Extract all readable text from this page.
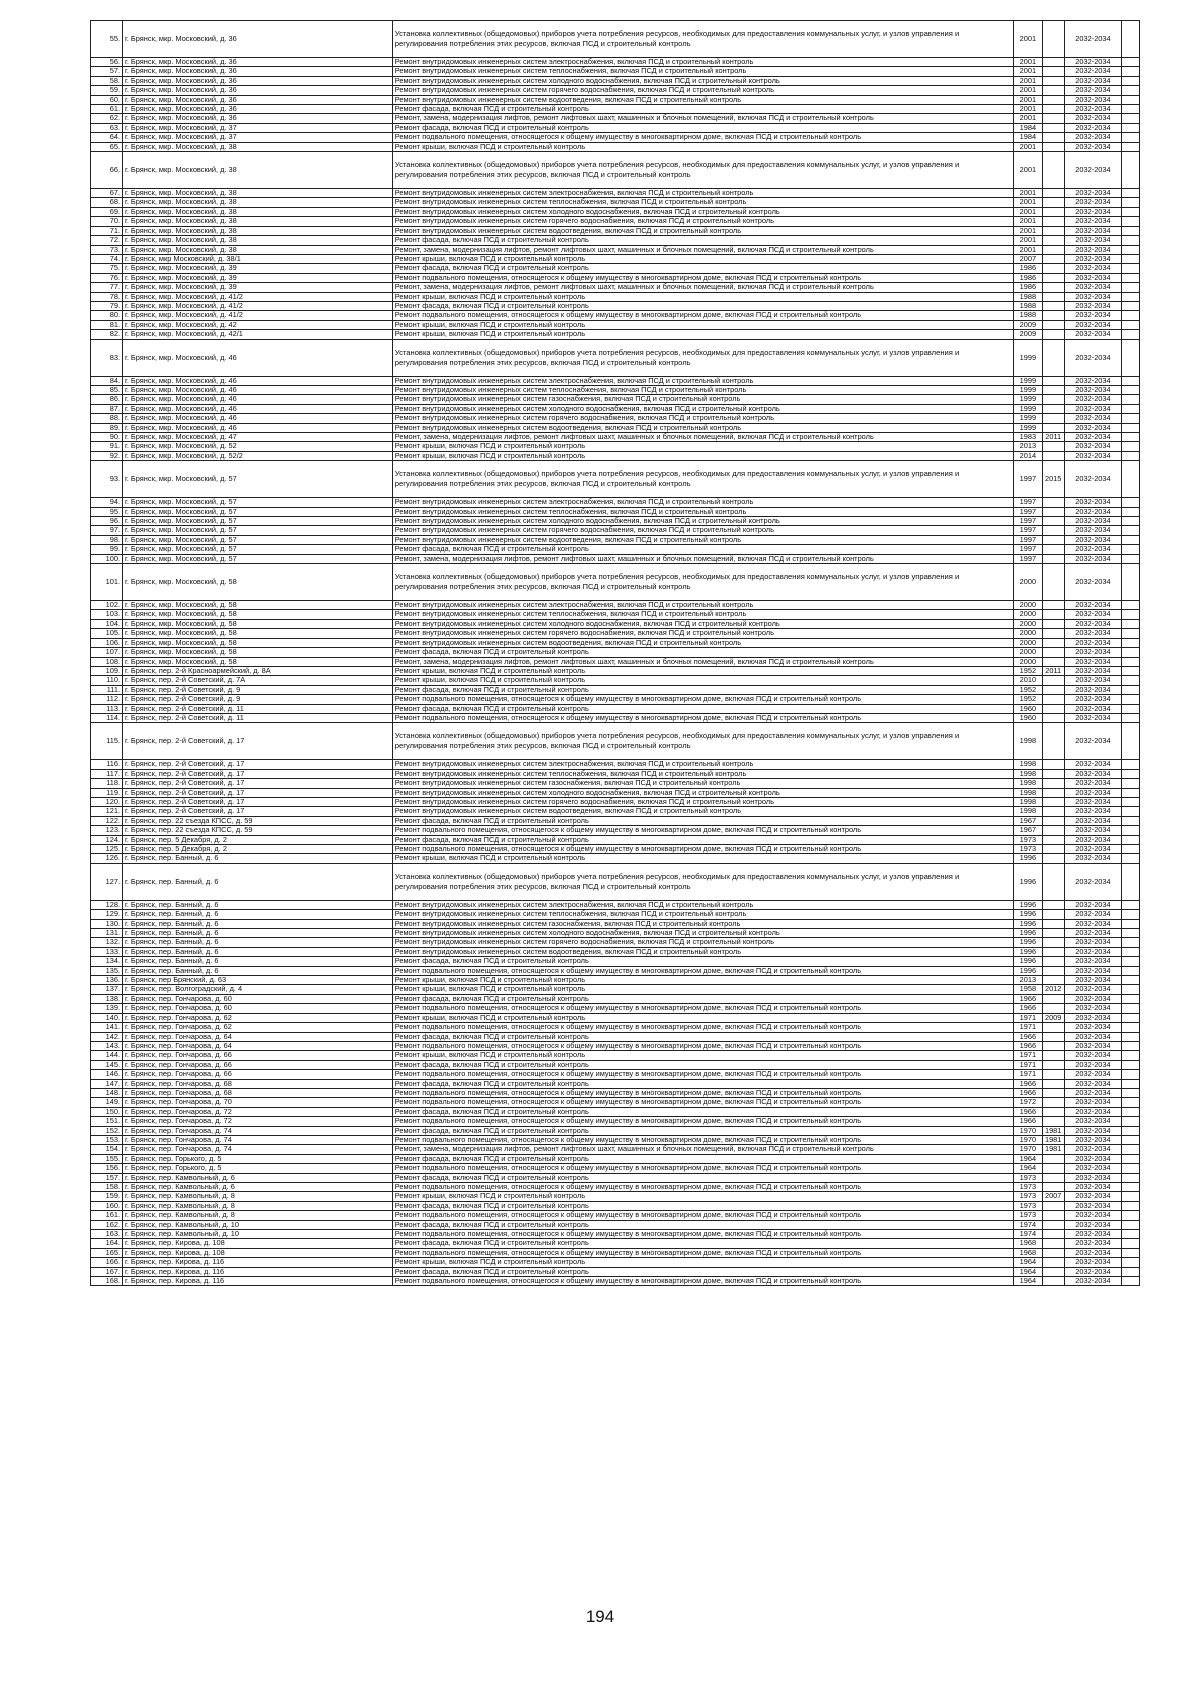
55.	г. Брянск, мкр. Московский, д. 36	Установка коллективных (общедомовых) приборов учета потребления ресурсов, необходимых для предоставления коммунальных услуг, и узлов управления и регулирования потребления этих ресурсов, включая ПСД и строительный контроль	2001		2032-2034	
56.	г. Брянск, мкр. Московский, д. 36	Ремонт внутридомовых инженерных систем электроснабжения, включая ПСД и строительный контроль	2001		2032-2034	
57.	г. Брянск, мкр. Московский, д. 36	Ремонт внутридомовых инженерных систем теплоснабжения, включая ПСД и строительный контроль	2001		2032-2034	
58.	г. Брянск, мкр. Московский, д. 36	Ремонт внутридомовых инженерных систем холодного водоснабжения, включая ПСД и строительный контроль	2001		2032-2034	
59.	г. Брянск, мкр. Московский, д. 36	Ремонт внутридомовых инженерных систем горячего водоснабжения, включая ПСД и строительный контроль	2001		2032-2034	
60.	г. Брянск, мкр. Московский, д. 36	Ремонт внутридомовых инженерных систем водоотведения, включая ПСД и строительный контроль	2001		2032-2034	
61.	г. Брянск, мкр. Московский, д. 36	Ремонт фасада, включая ПСД и строительный контроль	2001		2032-2034	
62.	г. Брянск, мкр. Московский, д. 36	Ремонт, замена, модернизация лифтов, ремонт лифтовых шахт, машинных и блочных помещений, включая ПСД и строительный контроль	2001		2032-2034	
63.	г. Брянск, мкр. Московский, д. 37	Ремонт фасада, включая ПСД и строительный контроль	1984		2032-2034	
64.	г. Брянск, мкр. Московский, д. 37	Ремонт подвального помещения, относящегося к общему имуществу в многоквартирном доме, включая ПСД и строительный контроль	1984		2032-2034	
65.	г. Брянск, мкр. Московский, д. 38	Ремонт крыши, включая ПСД и строительный контроль	2001		2032-2034	
66.	г. Брянск, мкр. Московский, д. 38	Установка коллективных (общедомовых) приборов учета потребления ресурсов, необходимых для предоставления коммунальных услуг, и узлов управления и регулирования потребления этих ресурсов, включая ПСД и строительный контроль	2001		2032-2034	
67.	г. Брянск, мкр. Московский, д. 38	Ремонт внутридомовых инженерных систем электроснабжения, включая ПСД и строительный контроль	2001		2032-2034	
68.	г. Брянск, мкр. Московский, д. 38	Ремонт внутридомовых инженерных систем теплоснабжения, включая ПСД и строительный контроль	2001		2032-2034	
69.	г. Брянск, мкр. Московский, д. 38	Ремонт внутридомовых инженерных систем холодного водоснабжения, включая ПСД и строительный контроль	2001		2032-2034	
70.	г. Брянск, мкр. Московский, д. 38	Ремонт внутридомовых инженерных систем горячего водоснабжения, включая ПСД и строительный контроль	2001		2032-2034	
71.	г. Брянск, мкр. Московский, д. 38	Ремонт внутридомовых инженерных систем водоотведения, включая ПСД и строительный контроль	2001		2032-2034	
72.	г. Брянск, мкр. Московский, д. 38	Ремонт фасада, включая ПСД и строительный контроль	2001		2032-2034	
73.	г. Брянск, мкр. Московский, д. 38	Ремонт, замена, модернизация лифтов, ремонт лифтовых шахт, машинных и блочных помещений, включая ПСД и строительный контроль	2001		2032-2034	
74.	г. Брянск, мкр Московский, д. 38/1	Ремонт крыши, включая ПСД и строительный контроль	2007		2032-2034	
75.	г. Брянск, мкр. Московский, д. 39	Ремонт фасада, включая ПСД и строительный контроль	1986		2032-2034	
76.	г. Брянск, мкр. Московский, д. 39	Ремонт подвального помещения, относящегося к общему имуществу в многоквартирном доме, включая ПСД и строительный контроль	1986		2032-2034	
77.	г. Брянск, мкр. Московский, д. 39	Ремонт, замена, модернизация лифтов, ремонт лифтовых шахт, машинных и блочных помещений, включая ПСД и строительный контроль	1986		2032-2034	
78.	г. Брянск, мкр. Московский, д. 41/2	Ремонт крыши, включая ПСД и строительный контроль	1988		2032-2034	
79.	г. Брянск, мкр. Московский, д. 41/2	Ремонт фасада, включая ПСД и строительный контроль	1988		2032-2034	
80.	г. Брянск, мкр. Московский, д. 41/2	Ремонт подвального помещения, относящегося к общему имуществу в многоквартирном доме, включая ПСД и строительный контроль	1988		2032-2034	
81.	г. Брянск, мкр. Московский, д. 42	Ремонт крыши, включая ПСД и строительный контроль	2009		2032-2034	
82.	г. Брянск, мкр. Московский, д. 42/1	Ремонт крыши, включая ПСД и строительный контроль	2009		2032-2034	
83.	г. Брянск, мкр. Московский, д. 46	Установка коллективных (общедомовых) приборов учета потребления ресурсов, необходимых для предоставления коммунальных услуг, и узлов управления и регулирования потребления этих ресурсов, включая ПСД и строительный контроль	1999		2032-2034	
84.	г. Брянск, мкр. Московский, д. 46	Ремонт внутридомовых инженерных систем электроснабжения, включая ПСД и строительный контроль	1999		2032-2034	
85.	г. Брянск, мкр. Московский, д. 46	Ремонт внутридомовых инженерных систем теплоснабжения, включая ПСД и строительный контроль	1999		2032-2034	
86.	г. Брянск, мкр. Московский, д. 46	Ремонт внутридомовых инженерных систем газоснабжения, включая ПСД и строительный контроль	1999		2032-2034	
87.	г. Брянск, мкр. Московский, д. 46	Ремонт внутридомовых инженерных систем холодного водоснабжения, включая ПСД и строительный контроль	1999		2032-2034	
88.	г. Брянск, мкр. Московский, д. 46	Ремонт внутридомовых инженерных систем горячего водоснабжения, включая ПСД и строительный контроль	1999		2032-2034	
89.	г. Брянск, мкр. Московский, д. 46	Ремонт внутридомовых инженерных систем водоотведения, включая ПСД и строительный контроль	1999		2032-2034	
90.	г. Брянск, мкр. Московский, д. 47	Ремонт, замена, модернизация лифтов, ремонт лифтовых шахт, машинных и блочных помещений, включая ПСД и строительный контроль	1983	2011	2032-2034	
91.	г. Брянск, мкр. Московский, д. 52	Ремонт крыши, включая ПСД и строительный контроль	2013		2032-2034	
92.	г. Брянск, мкр. Московский, д. 52/2	Ремонт крыши, включая ПСД и строительный контроль	2014		2032-2034	
93.	г. Брянск, мкр. Московский, д. 57	Установка коллективных (общедомовых) приборов учета потребления ресурсов, необходимых для предоставления коммунальных услуг, и узлов управления и регулирования потребления этих ресурсов, включая ПСД и строительный контроль	1997	2015	2032-2034	
94.	г. Брянск, мкр. Московский, д. 57	Ремонт внутридомовых инженерных систем электроснабжения, включая ПСД и строительный контроль	1997		2032-2034	
95.	г. Брянск, мкр. Московский, д. 57	Ремонт внутридомовых инженерных систем теплоснабжения, включая ПСД и строительный контроль	1997		2032-2034	
96.	г. Брянск, мкр. Московский, д. 57	Ремонт внутридомовых инженерных систем холодного водоснабжения, включая ПСД и строительный контроль	1997		2032-2034	
97.	г. Брянск, мкр. Московский, д. 57	Ремонт внутридомовых инженерных систем горячего водоснабжения, включая ПСД и строительный контроль	1997		2032-2034	
98.	г. Брянск, мкр. Московский, д. 57	Ремонт внутридомовых инженерных систем водоотведения, включая ПСД и строительный контроль	1997		2032-2034	
99.	г. Брянск, мкр. Московский, д. 57	Ремонт фасада, включая ПСД и строительный контроль	1997		2032-2034	
100.	г. Брянск, мкр. Московский, д. 57	Ремонт, замена, модернизация лифтов, ремонт лифтовых шахт, машинных и блочных помещений, включая ПСД и строительный контроль	1997		2032-2034	
101.	г. Брянск, мкр. Московский, д. 58	Установка коллективных (общедомовых) приборов учета потребления ресурсов, необходимых для предоставления коммунальных услуг, и узлов управления и регулирования потребления этих ресурсов, включая ПСД и строительный контроль	2000		2032-2034	
102.	г. Брянск, мкр. Московский, д. 58	Ремонт внутридомовых инженерных систем электроснабжения, включая ПСД и строительный контроль	2000		2032-2034	
103.	г. Брянск, мкр. Московский, д. 58	Ремонт внутридомовых инженерных систем теплоснабжения, включая ПСД и строительный контроль	2000		2032-2034	
104.	г. Брянск, мкр. Московский, д. 58	Ремонт внутридомовых инженерных систем холодного водоснабжения, включая ПСД и строительный контроль	2000		2032-2034	
105.	г. Брянск, мкр. Московский, д. 58	Ремонт внутридомовых инженерных систем горячего водоснабжения, включая ПСД и строительный контроль	2000		2032-2034	
106.	г. Брянск, мкр. Московский, д. 58	Ремонт внутридомовых инженерных систем водоотведения, включая ПСД и строительный контроль	2000		2032-2034	
107.	г. Брянск, мкр. Московский, д. 58	Ремонт фасада, включая ПСД и строительный контроль	2000		2032-2034	
108.	г. Брянск, мкр. Московский, д. 58	Ремонт, замена, модернизация лифтов, ремонт лифтовых шахт, машинных и блочных помещений, включая ПСД и строительный контроль	2000		2032-2034	
109.	г. Брянск, пер. 2-й Красноармейский, д. 8А	Ремонт крыши, включая ПСД и строительный контроль	1952	2011	2032-2034	
110.	г. Брянск, пер. 2-й Советский, д. 7А	Ремонт крыши, включая ПСД и строительный контроль	2010		2032-2034	
111.	г. Брянск, пер. 2-й Советский, д. 9	Ремонт фасада, включая ПСД и строительный контроль	1952		2032-2034	
112.	г. Брянск, пер. 2-й Советский, д. 9	Ремонт подвального помещения, относящегося к общему имуществу в многоквартирном доме, включая ПСД и строительный контроль	1952		2032-2034	
113.	г. Брянск, пер. 2-й Советский, д. 11	Ремонт фасада, включая ПСД и строительный контроль	1960		2032-2034	
114.	г. Брянск, пер. 2-й Советский, д. 11	Ремонт подвального помещения, относящегося к общему имуществу в многоквартирном доме, включая ПСД и строительный контроль	1960		2032-2034	
115.	г. Брянск, пер. 2-й Советский, д. 17	Установка коллективных (общедомовых) приборов учета потребления ресурсов, необходимых для предоставления коммунальных услуг, и узлов управления и регулирования потребления этих ресурсов, включая ПСД и строительный контроль	1998		2032-2034	
116.	г. Брянск, пер. 2-й Советский, д. 17	Ремонт внутридомовых инженерных систем электроснабжения, включая ПСД и строительный контроль	1998		2032-2034	
117.	г. Брянск, пер. 2-й Советский, д. 17	Ремонт внутридомовых инженерных систем теплоснабжения, включая ПСД и строительный контроль	1998		2032-2034	
118.	г. Брянск, пер. 2-й Советский, д. 17	Ремонт внутридомовых инженерных систем газоснабжения, включая ПСД и строительный контроль	1998		2032-2034	
119.	г. Брянск, пер. 2-й Советский, д. 17	Ремонт внутридомовых инженерных систем холодного водоснабжения, включая ПСД и строительный контроль	1998		2032-2034	
120.	г. Брянск, пер. 2-й Советский, д. 17	Ремонт внутридомовых инженерных систем горячего водоснабжения, включая ПСД и строительный контроль	1998		2032-2034	
121.	г. Брянск, пер. 2-й Советский, д. 17	Ремонт внутридомовых инженерных систем водоотведения, включая ПСД и строительный контроль	1998		2032-2034	
122.	г. Брянск, пер. 22 съезда КПСС, д. 59	Ремонт фасада, включая ПСД и строительный контроль	1967		2032-2034	
123.	г. Брянск, пер. 22 съезда КПСС, д. 59	Ремонт подвального помещения, относящегося к общему имуществу в многоквартирном доме, включая ПСД и строительный контроль	1967		2032-2034	
124.	г. Брянск, пер. 5 Декабря, д. 2	Ремонт фасада, включая ПСД и строительный контроль	1973		2032-2034	
125.	г. Брянск, пер. 5 Декабря, д. 2	Ремонт подвального помещения, относящегося к общему имуществу в многоквартирном доме, включая ПСД и строительный контроль	1973		2032-2034	
126.	г. Брянск, пер. Банный, д. 6	Ремонт крыши, включая ПСД и строительный контроль	1996		2032-2034	
127.	г. Брянск, пер. Банный, д. 6	Установка коллективных (общедомовых) приборов учета потребления ресурсов, необходимых для предоставления коммунальных услуг, и узлов управления и регулирования потребления этих ресурсов, включая ПСД и строительный контроль	1996		2032-2034	
128.	г. Брянск, пер. Банный, д. 6	Ремонт внутридомовых инженерных систем электроснабжения, включая ПСД и строительный контроль	1996		2032-2034	
129.	г. Брянск, пер. Банный, д. 6	Ремонт внутридомовых инженерных систем теплоснабжения, включая ПСД и строительный контроль	1996		2032-2034	
130.	г. Брянск, пер. Банный, д. 6	Ремонт внутридомовых инженерных систем газоснабжения, включая ПСД и строительный контроль	1996		2032-2034	
131.	г. Брянск, пер. Банный, д. 6	Ремонт внутридомовых инженерных систем холодного водоснабжения, включая ПСД и строительный контроль	1996		2032-2034	
132.	г. Брянск, пер. Банный, д. 6	Ремонт внутридомовых инженерных систем горячего водоснабжения, включая ПСД и строительный контроль	1996		2032-2034	
133.	г. Брянск, пер. Банный, д. 6	Ремонт внутридомовых инженерных систем водоотведения, включая ПСД и строительный контроль	1996		2032-2034	
134.	г. Брянск, пер. Банный, д. 6	Ремонт фасада, включая ПСД и строительный контроль	1996		2032-2034	
135.	г. Брянск, пер. Банный, д. 6	Ремонт подвального помещения, относящегося к общему имуществу в многоквартирном доме, включая ПСД и строительный контроль	1996		2032-2034	
136.	г. Брянск, пер Брянский, д. 63	Ремонт крыши, включая ПСД и строительный контроль	2013		2032-2034	
137.	г. Брянск, пер. Волгоградский, д. 4	Ремонт крыши, включая ПСД и строительный контроль	1958	2012	2032-2034	
138.	г. Брянск, пер. Гончарова, д. 60	Ремонт фасада, включая ПСД и строительный контроль	1966		2032-2034	
139.	г. Брянск, пер. Гончарова, д. 60	Ремонт подвального помещения, относящегося к общему имуществу в многоквартирном доме, включая ПСД и строительный контроль	1966		2032-2034	
140.	г. Брянск, пер. Гончарова, д. 62	Ремонт крыши, включая ПСД и строительный контроль	1971	2009	2032-2034	
141.	г. Брянск, пер. Гончарова, д. 62	Ремонт подвального помещения, относящегося к общему имуществу в многоквартирном доме, включая ПСД и строительный контроль	1971		2032-2034	
142.	г. Брянск, пер. Гончарова, д. 64	Ремонт фасада, включая ПСД и строительный контроль	1966		2032-2034	
143.	г. Брянск, пер. Гончарова, д. 64	Ремонт подвального помещения, относящегося к общему имуществу в многоквартирном доме, включая ПСД и строительный контроль	1966		2032-2034	
144.	г. Брянск, пер. Гончарова, д. 66	Ремонт крыши, включая ПСД и строительный контроль	1971		2032-2034	
145.	г. Брянск, пер. Гончарова, д. 66	Ремонт фасада, включая ПСД и строительный контроль	1971		2032-2034	
146.	г. Брянск, пер. Гончарова, д. 66	Ремонт подвального помещения, относящегося к общему имуществу в многоквартирном доме, включая ПСД и строительный контроль	1971		2032-2034	
147.	г. Брянск, пер. Гончарова, д. 68	Ремонт фасада, включая ПСД и строительный контроль	1966		2032-2034	
148.	г. Брянск, пер. Гончарова, д. 68	Ремонт подвального помещения, относящегося к общему имуществу в многоквартирном доме, включая ПСД и строительный контроль	1966		2032-2034	
149.	г. Брянск, пер. Гончарова, д. 70	Ремонт подвального помещения, относящегося к общему имуществу в многоквартирном доме, включая ПСД и строительный контроль	1972		2032-2034	
150.	г. Брянск, пер. Гончарова, д. 72	Ремонт фасада, включая ПСД и строительный контроль	1966		2032-2034	
151.	г. Брянск, пер. Гончарова, д. 72	Ремонт подвального помещения, относящегося к общему имуществу в многоквартирном доме, включая ПСД и строительный контроль	1966		2032-2034	
152.	г. Брянск, пер. Гончарова, д. 74	Ремонт фасада, включая ПСД и строительный контроль	1970	1981	2032-2034	
153.	г. Брянск, пер. Гончарова, д. 74	Ремонт подвального помещения, относящегося к общему имуществу в многоквартирном доме, включая ПСД и строительный контроль	1970	1981	2032-2034	
154.	г. Брянск, пер. Гончарова, д. 74	Ремонт, замена, модернизация лифтов, ремонт лифтовых шахт, машинных и блочных помещений, включая ПСД и строительный контроль	1970	1981	2032-2034	
155.	г. Брянск, пер. Горького, д. 5	Ремонт фасада, включая ПСД и строительный контроль	1964		2032-2034	
156.	г. Брянск, пер. Горького, д. 5	Ремонт подвального помещения, относящегося к общему имуществу в многоквартирном доме, включая ПСД и строительный контроль	1964		2032-2034	
157.	г. Брянск, пер. Камвольный, д. 6	Ремонт фасада, включая ПСД и строительный контроль	1973		2032-2034	
158.	г. Брянск, пер. Камвольный, д. 6	Ремонт подвального помещения, относящегося к общему имуществу в многоквартирном доме, включая ПСД и строительный контроль	1973		2032-2034	
159.	г. Брянск, пер. Камвольный, д. 8	Ремонт крыши, включая ПСД и строительный контроль	1973	2007	2032-2034	
160.	г. Брянск, пер. Камвольный, д. 8	Ремонт фасада, включая ПСД и строительный контроль	1973		2032-2034	
161.	г. Брянск, пер. Камвольный, д. 8	Ремонт подвального помещения, относящегося к общему имуществу в многоквартирном доме, включая ПСД и строительный контроль	1973		2032-2034	
162.	г. Брянск, пер. Камвольный, д. 10	Ремонт фасада, включая ПСД и строительный контроль	1974		2032-2034	
163.	г. Брянск, пер. Камвольный, д. 10	Ремонт подвального помещения, относящегося к общему имуществу в многоквартирном доме, включая ПСД и строительный контроль	1974		2032-2034	
164.	г. Брянск, пер. Кирова, д. 108	Ремонт фасада, включая ПСД и строительный контроль	1968		2032-2034	
165.	г. Брянск, пер. Кирова, д. 108	Ремонт подвального помещения, относящегося к общему имуществу в многоквартирном доме, включая ПСД и строительный контроль	1968		2032-2034	
166.	г. Брянск, пер. Кирова, д. 116	Ремонт крыши, включая ПСД и строительный контроль	1964		2032-2034	
167.	г. Брянск, пер. Кирова, д. 116	Ремонт фасада, включая ПСД и строительный контроль	1964		2032-2034	
168.	г. Брянск, пер. Кирова, д. 116	Ремонт подвального помещения, относящегося к общему имуществу в многоквартирном доме, включая ПСД и строительный контроль	1964		2032-2034	
194
